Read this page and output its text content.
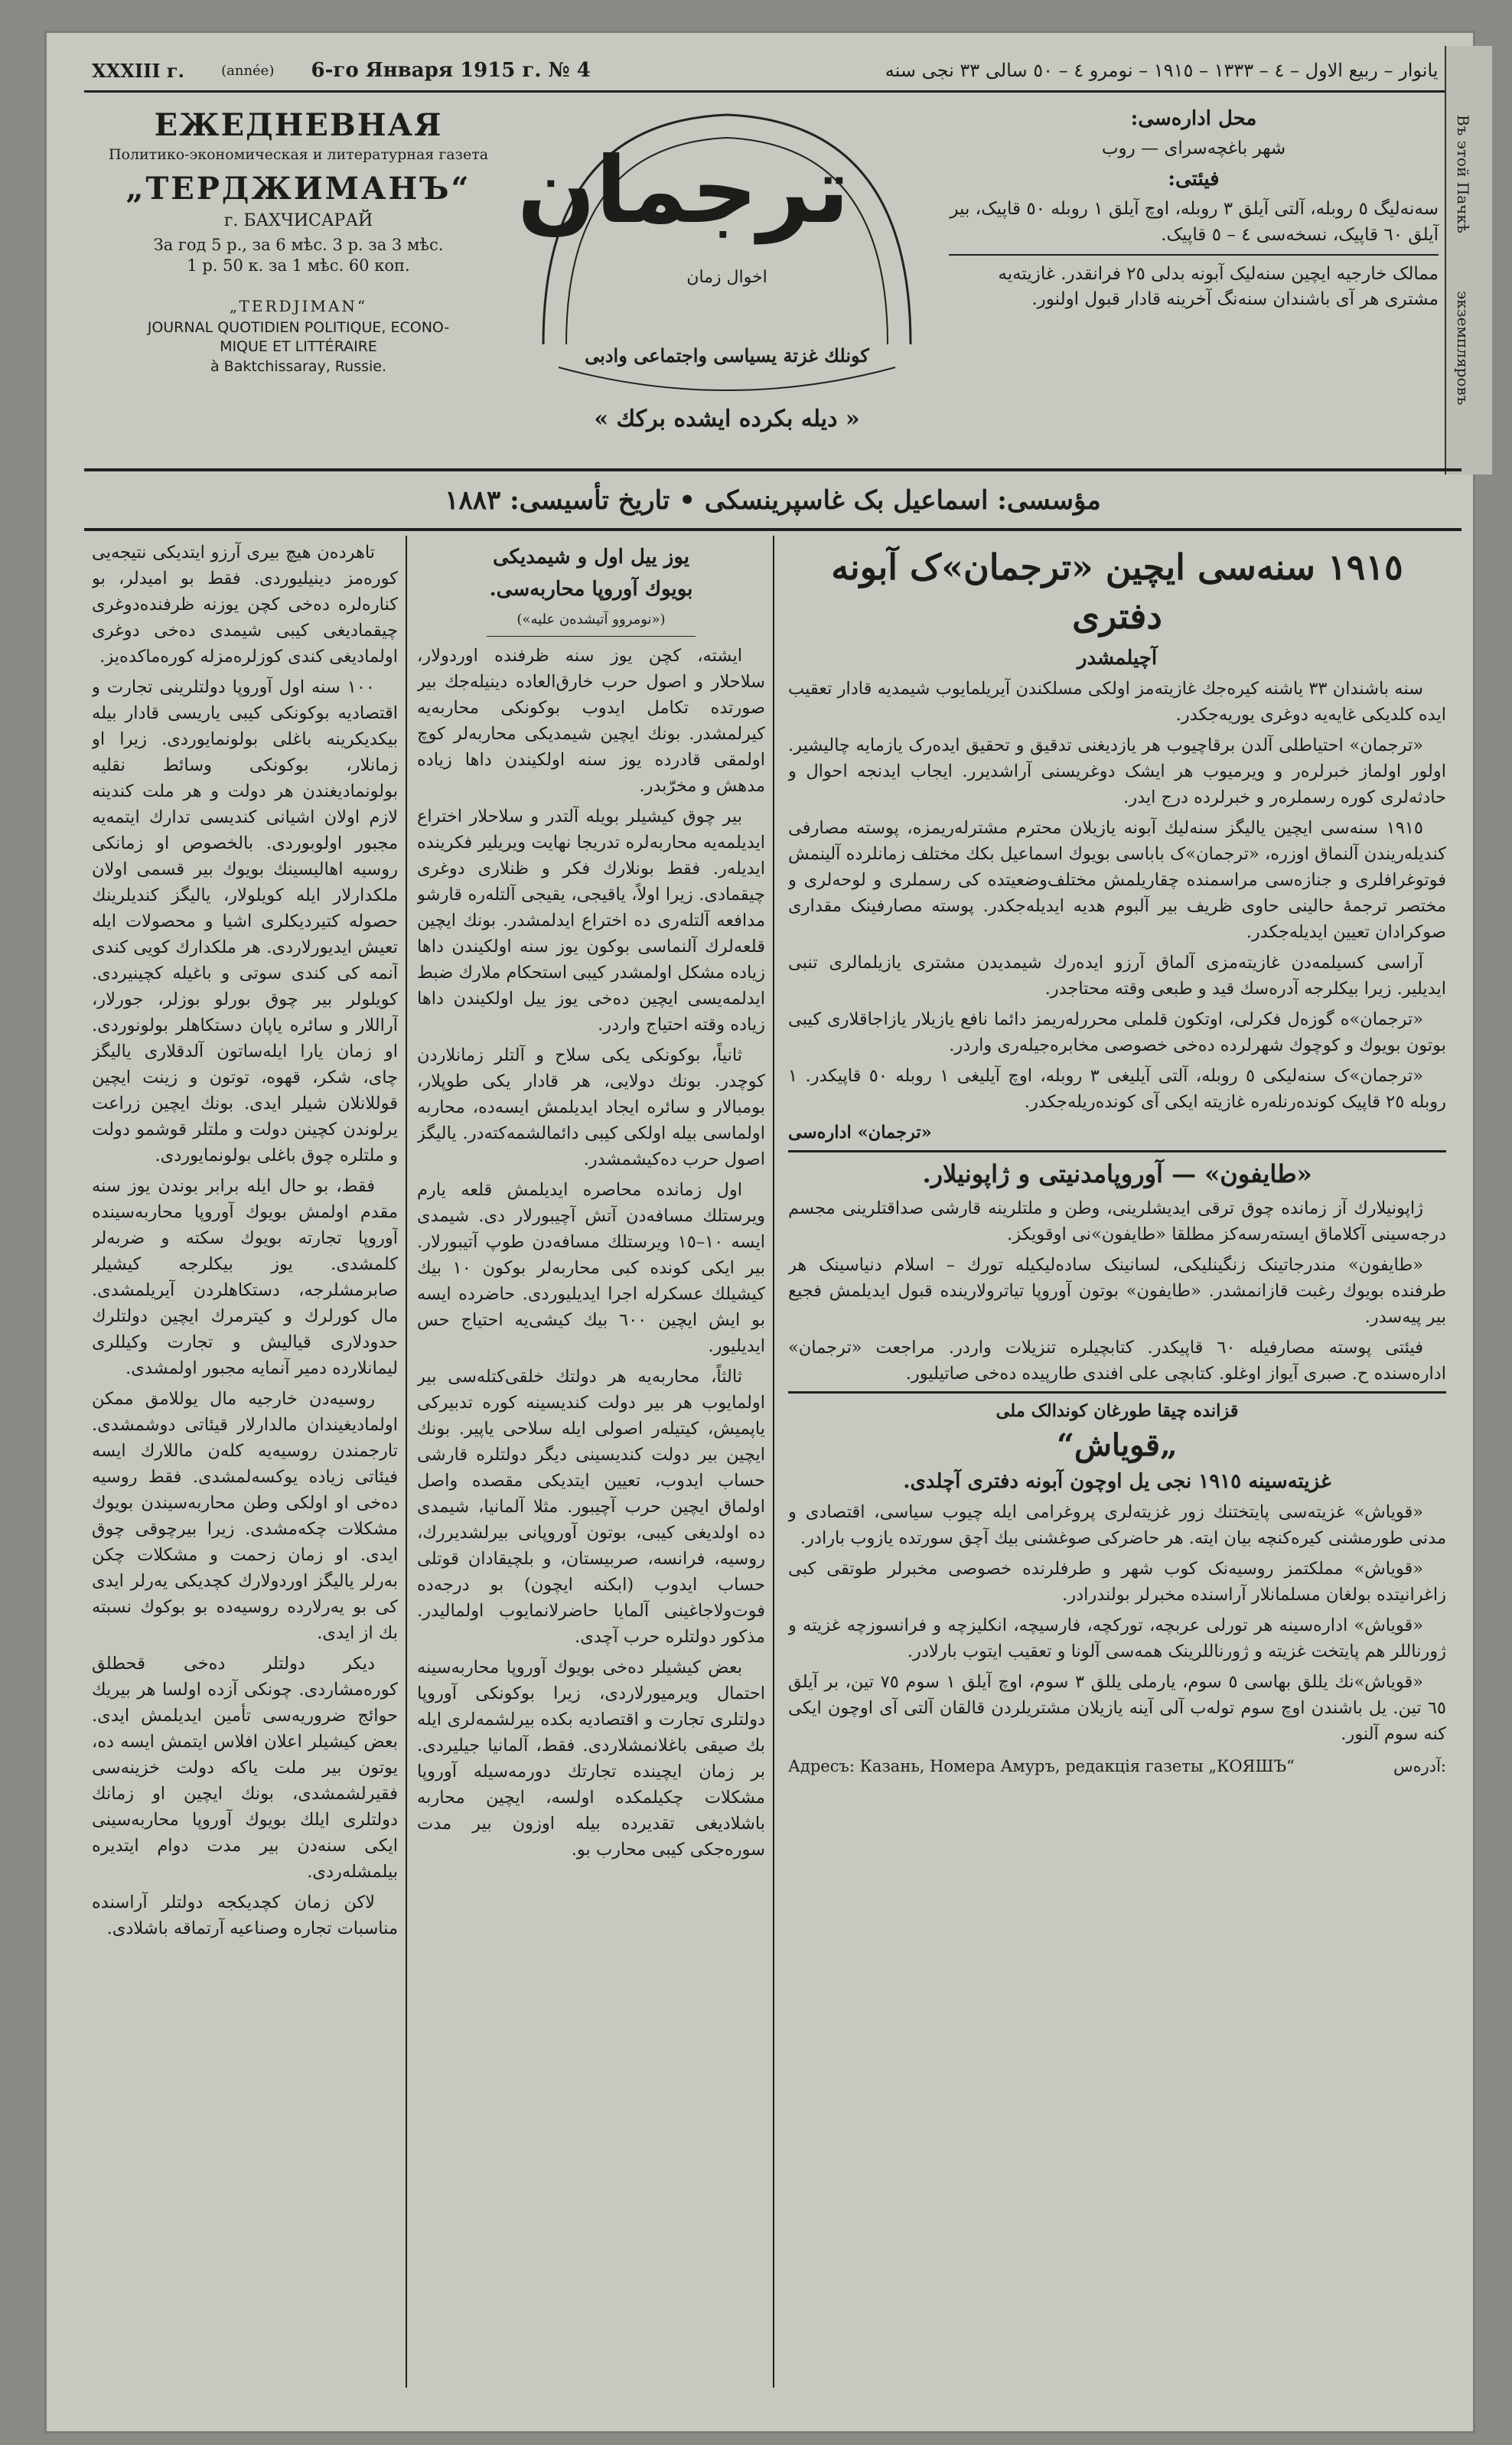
XXXIII г.	(année) 6-го Января 1915 г. № 4	يانوار – ربيع الاول – ٤ – ١٣٣٣ – ١٩١٥ – نومرو ٤ – ٥٠ سالى ٣٣ نجى سنه
ЕЖЕДНЕВНАЯ
Политико-экономическая и литературная газета
„ТЕРДЖИМАНЪ“
г. БАХЧИСАРАЙ
За год 5 р., за 6 мѣс. 3 р. за 3 мѣс.
1 р. 50 к. за 1 мѣс. 60 коп.
„TERDJIMAN“
JOURNAL QUOTIDIEN POLITIQUE, ECONO-
MIQUE ET LITTÉRAIRE
à Baktchissaray, Russie.	كونلك غزتة يسياسى واجتماعى وادبى
ترجمان
اخوال زمان
« ديله بكرده ايشده بركك »
محل ادارەسی:

شهر باغچەسرای — روب

فیئتی:

سەنەلیگ ٥ روبلە، آلتی آیلق ٣ روبلە، اوچ آیلق ١ روبلە ٥٠ قاپیک، بیر آیلق ٦٠ قاپیک، نسخەسی ٤ – ٥ قاپیک.

ممالک خارجیه ایچین سنەلیک آبونه بدلی ٢٥ فرانقدر. غازیتەیه مشتری هر آی باشندان سنەنگ آخرینه قادار قبول اولنور.

Въ этой Пачкѣ
экземпляровъ
مؤسسی: اسماعیل بک غاسپرینسکی • تاریخ تأسیسی: ١٨٨٣
١٩١٥ سنەسی ایچین «ترجمان»ک آبونه دفتری
آچیلمشدر

سنه باشندان ٣٣ یاشنه کیرەجك غازیتەمز اولکی مسلکندن آیریلمایوب شیمدیه قادار تعقیب ایده کلدیکی غایەیه دوغری یوریەجکدر.

«ترجمان» احتیاطلی آلدن برقاچیوب هر یازدیغنی تدقیق و تحقیق ایدەرک یازمایه چالیشیر. اولور اولماز خبرلره‌ر و ویرمیوب هر ایشک دوغریسنی آراشدیرر. ایجاب ایدنجه احوال و حادثەلری کوره رسملره‌ر و خبرلرده درج ایدر.

١٩١٥ سنەسی ایچین یالیگز سنەلیك آبونه یازیلان محترم مشترلەریمزه، پوسته مصارفی کندیلەریندن آلنماق اوزره، «ترجمان»ک باباسی بویوك اسماعیل بکك مختلف زمانلرده آلینمش فوتوغرافلری و جنازەسی مراسمنده چقاریلمش مختلف‌وضعیتده کی رسملری و لوحەلری و مختصر ترجمهٔ حالینی حاوی ظریف بیر آلبوم هدیه ایدیلەجکدر. پوسته مصارفینک مقداری صوکرادان تعیین ایدیلەجکدر.

آراسی کسیلمەدن غازیتەمزی آلماق آرزو ایدەرك شیمدیدن مشتری یازیلمالری تنبی ایدیلیر. زیرا بیکلرجه آدرەسك قید و طبعی وقته محتاجدر.

«ترجمان»ه گوزەل فکرلی، اوتکون قلملی محررلەریمز دائما نافع یازیلار یازاجاقلاری کیبی بوتون بویوك و کوچوك شهرلرده دەخی خصوصی مخابرەجیلەری واردر.

«ترجمان»ک سنەلیکی ٥ روبلە، آلتی آیلیغی ٣ روبلە، اوچ آیلیغی ١ روبلە ٥٠ قاپیکدر. ١ روبلە ٢٥ قاپیک کوندەرنلەره غازیتە ایکی آی کوندەریلەجکدر.

«ترجمان» ادارەسی
«طایفون» — آوروپامدنیتی و ژاپونیلار.

ژاپونیلارك آز زمانده چوق ترقی ایدیشلرینی، وطن و ملتلرینه قارشی صداقتلرینی مجسم درجەسینی آکلاماق ایستەرسه‌کز مطلقا «طایفون»نی اوقویکز.

«طایفون» مندرجاتینک زنگینلیکی، لسانینک ساده‌لیکیله تورك – اسلام دنیاسینک هر طرفنده بویوك رغبت قازانمشدر. «طایفون» بوتون آوروپا تیاترولارینده قبول ایدیلمش فجیع بیر پیەسدر.

فیئتی پوسته مصارفیله ٦٠ قاپیکدر. کتابچیلره تنزیلات واردر. مراجعت «ترجمان» ادارەسنده ح. صبری آیواز اوغلو. کتابچی علی افندی طارپیده دەخی صاتیلیور.

قزانده چیقا طورغان کوندالک ملی
„قویاش“
غزیتەسینه ١٩١٥ نجی یل اوچون آبونه دفتری آچلدی.

«قویاش» غزیتەسی پایتختنك زور غزیتەلری پروغرامی ایله چیوب سیاسی، اقتصادی و مدنی طورمشنی کیره‌کنچه بیان ایته. هر حاضرکی صوغشنی بیك آچق سورتده یازوب بارادر.

«قویاش» مملکتمز روسیەنک کوب شهر و طرفلرنده خصوصی مخبرلر طوتقی کبی زاغرانیتده بولغان مسلمانلار آراسنده مخبرلر بولندرادر.

«قویاش» ادارەسینه هر تورلی عربچه، تورکچه، فارسیچه، انکلیزچه و فرانسوزچه غزیته و ژورناللر هم پایتخت غزیته و ژورناللرینک همەسی آلونا و تعقیب ایتوب بارلادر.

«قویاش»نك یللق بهاسی ٥ سوم، یارملی یللق ٣ سوم، اوچ آیلق ١ سوم ٧٥ تین، بر آیلق ٦٥ تین. یل باشندن اوچ سوم تولەب آلی آینه یازیلان مشتریلردن قالقان آلتی آی اوچون ایکی کنه سوم آلنور.

Адресъ: Казань, Номера Амуръ, редакція газеты „КОЯШЪ“	آدرەس:
یوز ییل اول و شیمدیکی
بویوك آوروپا محاربەسی.
(«نومروو آتیشدەن علیه»)

ایشته، کچن یوز سنه ظرفنده اوردولار، سلاحلار و اصول حرب خارق‌العاده دینیلەجك بیر صورتده تکامل ایدوب بوکونکی محاربەیه کیرلمشدر. بونك ایچین شیمدیکی محاربەلر کوچ اولمقی قادرده یوز سنه اولکیندن داها زیاده مدهش و مخرّبدر.

بیر چوق کیشیلر بویله آلتدر و سلاحلار اختراع ایدیلمەیه محاربەلره تدریجا نهایت ویریلیر فکرینده ایدیلەر. فقط بونلارك فکر و ظنلاری دوغری چیقمادی. زیرا اولاً، یاقیجی، یقیجی آلتلەره قارشو مدافعه آلتلەری ده اختراع ایدلمشدر. بونك ایچین قلعەلرك آلنماسی بوکون یوز سنه اولکیندن داها زیاده مشکل اولمشدر کیبی استحکام ملارك ضبط ایدلمەیسی ایچین دەخی یوز ییل اولکیندن داها زیاده وقته احتیاج واردر.

ثانیاً، بوکونکی یکی سلاح و آلتلر زمانلاردن کوچدر. بونك دولایی، هر قادار یکی طوپلار، بومبالار و سائره ایجاد ایدیلمش ایسەده، محاربه اولماسی بیله اولکی کیبی دائما‌لشمه‌کتەدر. یالیگز اصول حرب دەکیشمشدر.

اول زمانده محاصره ایدیلمش قلعه یارم ویرستلك مسافەدن آتش آچیبورلار دی. شیمدی ایسه ١٠–١٥ ویرستلك مسافەدن طوپ آتیبورلار. بیر ایکی کونده کبی محاربه‌لر بوکون ١٠ بیك کیشیلك عسکرله اجرا ایدیلیوردی. حاضرده ایسه بو ایش ایچین ٦٠٠ بیك کیشی‌یه احتیاج حس ایدیلیور.

ثالثاً، محاربەیه هر دولتك خلقی‌کتلەسی بیر اولمایوب هر بیر دولت کندیسینه کورە تدبیرکی یاپمیش، کیتیلەر اصولی ایله سلاحی یاپیر. بونك ایچین بیر دولت کندیسینی دیگر دولتلره قارشی حساب ایدوب، تعیین ایتدیکی مقصده واصل اولماق ایچین حرب آچیبور. مثلا آلمانیا، شیمدی ده اولدیغی کیبی، بوتون آوروپانی بیرلشدیررك، روسیه، فرانسه، صربیستان، و بلچیقادان قوتلی حساب ایدوب (ابکنه ایچون) بو درجه‌ده فوت‌ولاجاغینی آلمایا حاضرلانمایوب اولمالیدر. مذکور دولتلره حرب آچدی.

بعض کیشیلر دەخی بویوك آوروپا محاربەسینه احتمال ویرمیورلاردی، زیرا بوکونکی آوروپا دولتلری تجارت و اقتصادیه بکدە بیرلشمەلری ایله بك صیقی باغلانمشلاردی. فقط، آلمانیا جیلیردی. بر زمان ایچینده تجارتك دورمه‌سیله آوروپا مشکلات چکیلمکده اولسه، ایچین محاربه باشلادیغی تقدیرده بیله اوزون بیر مدت سوره‌جکی کیبی محارب بو.

تاهرده‌ن هیچ بیری آرزو ایتدیکی نتیجەیی کورەمز دینیلیوردی. فقط بو امیدلر، بو کناره‌لره دەخی کچن یوزنه ظرفنده‌دوغری چیقمادیغی کیبی شیمدی دەخی دوغری اولمادیغی کندی کوزلره‌مزله کوره‌ماکده‌یز.

١٠٠ سنه اول آوروپا دولتلرینی تجارت و اقتصادیه بوکونکی کیبی یاریسی قادار بیله بیکدیکرینه باغلی بولونمایوردی. زیرا او زمانلار، بوکونکی وسائط نقلیه بولونمادیغندن هر دولت و هر ملت کندینه لازم اولان اشیانی کندیسی تدارك ایتمەیه مجبور اولوبوردی. بالخصوص او زمانکی روسیه اهالیسینك بویوك بیر قسمی اولان ملکدارلار ایله کویلولار، یالیگز کندیلرینك حصوله کتیردیکلری اشیا و محصولات ایله تعیش ایدیورلاردی. هر ملکدارك کویی کندی آنمه کی کندی سوتی و باغیله کچینیردی. کویلولر بیر چوق بورلو بوزلر، جورلار، آراللار و سائره یاپان دستکاهلر بولونوردی. او زمان یارا ایله‌ساتون آلدقلاری یالیگز چای، شکر، قهوه، توتون و زینت ایچین قوللانلان شیلر ایدی. بونك ایچین زراعت یرلوندن کچینن دولت و ملتلر قوشمو دولت و ملتلره چوق باغلی بولونمایوردی.

فقط، بو حال ایله برابر بوندن یوز سنه مقدم اولمش بویوك آوروپا محاربەسینده آوروپا تجارته بویوك سکته و ضربه‌لر کلمشدی. یوز بیکلرجه کیشیلر صابرمشلرجه، دستکاهلردن آیریلمشدی. مال کورلرك و کیترمرك ایچین دولتلرك حدودلاری قیالیش و تجارت وکیللری لیمانلارده دمیر آنمایه مجبور اولمشدی.

روسیەدن خارجیه مال یوللامق ممکن اولمادیغیندان مالدارلار قیئاتی دوشمشدی. تارجمندن روسیەیه کلەن ماللارك ایسه فیئاتی زیاده یوکسەلمشدی. فقط روسیه دەخی او اولکی وطن محاربەسیندن بویوك مشکلات چکەمشدی. زیرا بیرچوقی چوق ایدی. او زمان زحمت و مشکلات چکن بەرلر یالیگز اوردولارك کچدیکی یەرلر ایدی کی بو یەرلاردە روسیه‌ده بو بوکوك نسبته بك از ایدی.

دیکر دولتلر دەخی قحطلق کوره‌مشاردی. چونکی آزده اولسا هر بیریك حوائج ضروریەسی تأمین ایدیلمش ایدی. بعض کیشیلر اعلان افلاس ایتمش ایسه ده، یوتون بیر ملت یاکه دولت خزینەسی فقیرلشمشدی، بونك ایچین او زمانك دولتلری ایلك بویوك آوروپا محاربەسینی ایکی سنەدن بیر مدت دوام ایتدیره بیلمشلەردی.

لاکن زمان کچدیکجه دولتلر آراسنده مناسبات تجاره وصناعیه آرتماقه باشلادی.
